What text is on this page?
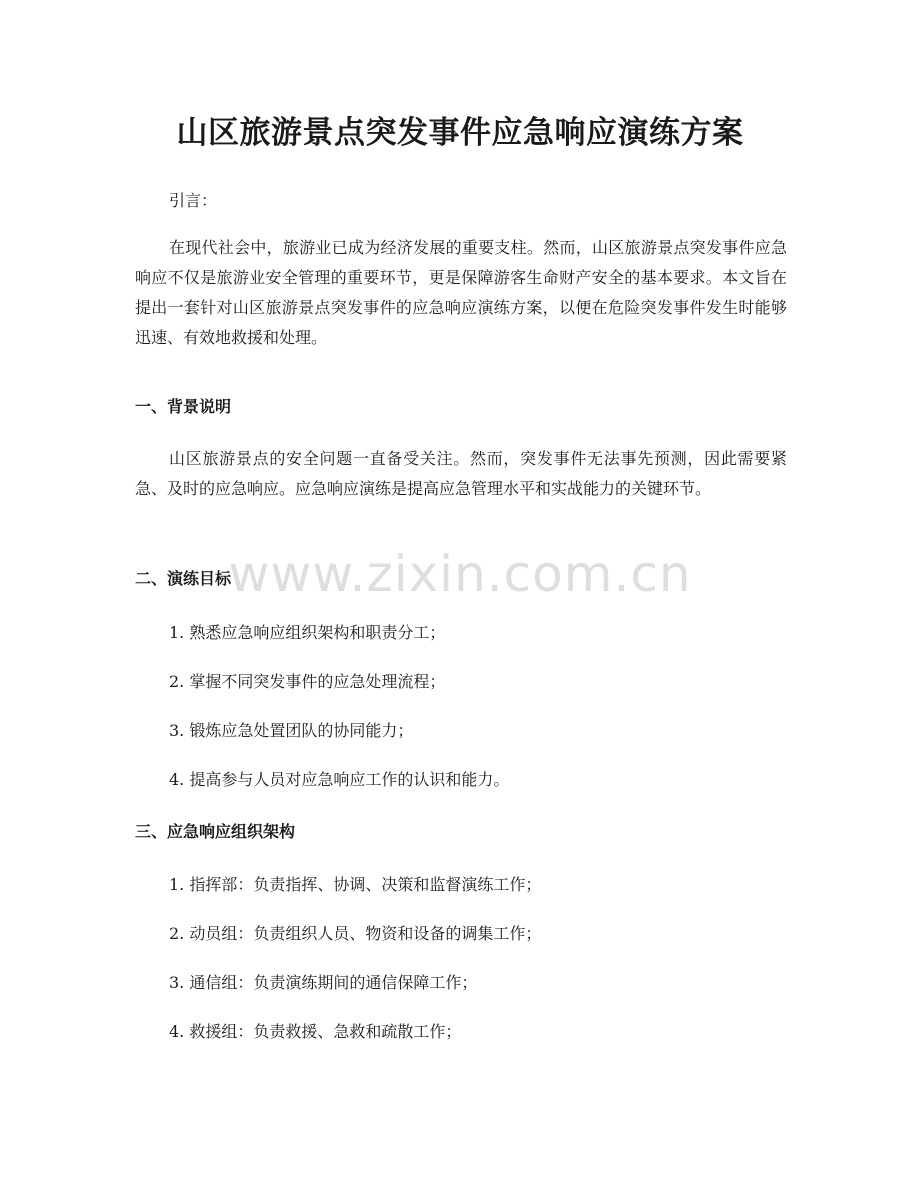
山区旅游景点突发事件应急响应演练方案

引言：

在现代社会中，旅游业已成为经济发展的重要支柱。然而，山区旅游景点突发事件应急响应不仅是旅游业安全管理的重要环节，更是保障游客生命财产安全的基本要求。本文旨在提出一套针对山区旅游景点突发事件的应急响应演练方案，以便在危险突发事件发生时能够迅速、有效地救援和处理。

一、背景说明

山区旅游景点的安全问题一直备受关注。然而，突发事件无法事先预测，因此需要紧急、及时的应急响应。应急响应演练是提高应急管理水平和实战能力的关键环节。

二、演练目标

1. 熟悉应急响应组织架构和职责分工；

2. 掌握不同突发事件的应急处理流程；

3. 锻炼应急处置团队的协同能力；

4. 提高参与人员对应急响应工作的认识和能力。

三、应急响应组织架构

1. 指挥部：负责指挥、协调、决策和监督演练工作；

2. 动员组：负责组织人员、物资和设备的调集工作；

3. 通信组：负责演练期间的通信保障工作；

4. 救援组：负责救援、急救和疏散工作；

www.zixin.com.cn
